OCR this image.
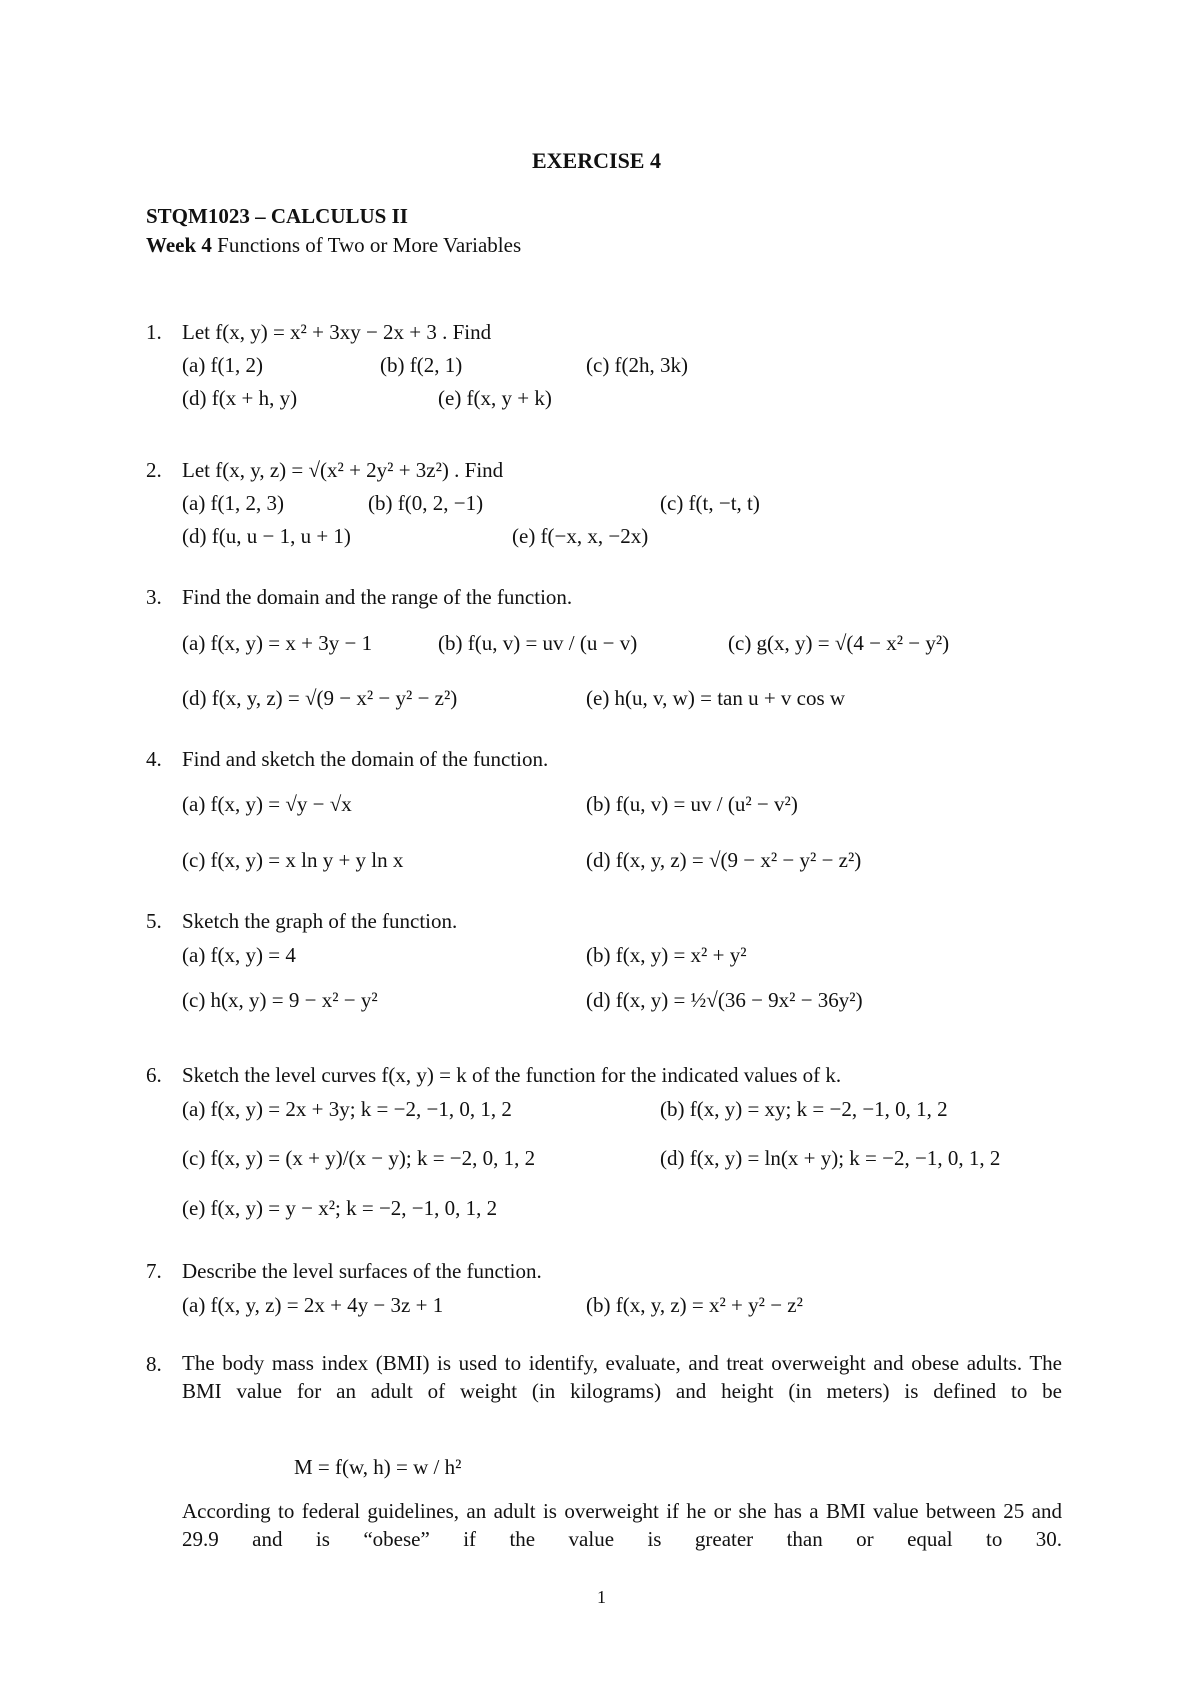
EXERCISE 4
STQM1023 – CALCULUS II
Week 4 Functions of Two or More Variables
1. Let f(x, y) = x² + 3xy − 2x + 3 . Find
(a) f(1, 2)	(b) f(2, 1)	(c) f(2h, 3k)
(d) f(x + h, y)	(e) f(x, y + k)
2. Let f(x, y, z) = √(x² + 2y² + 3z²) . Find
(a) f(1, 2, 3)	(b) f(0, 2, −1)	(c) f(t, −t, t)
(d) f(u, u − 1, u + 1)	(e) f(−x, x, −2x)
3. Find the domain and the range of the function.
(a) f(x, y) = x + 3y − 1	(b) f(u, v) = uv / (u − v)	(c) g(x, y) = √(4 − x² − y²)
(d) f(x, y, z) = √(9 − x² − y² − z²)	(e) h(u, v, w) = tan u + v cos w
4. Find and sketch the domain of the function.
(a) f(x, y) = √y − √x	(b) f(u, v) = uv / (u² − v²)
(c) f(x, y) = x ln y + y ln x	(d) f(x, y, z) = √(9 − x² − y² − z²)
5. Sketch the graph of the function.
(a) f(x, y) = 4	(b) f(x, y) = x² + y²
(c) h(x, y) = 9 − x² − y²	(d) f(x, y) = ½√(36 − 9x² − 36y²)
6. Sketch the level curves f(x, y) = k of the function for the indicated values of k.
(a) f(x, y) = 2x + 3y; k = −2, −1, 0, 1, 2	(b) f(x, y) = xy; k = −2, −1, 0, 1, 2
(c) f(x, y) = (x + y)/(x − y); k = −2, 0, 1, 2	(d) f(x, y) = ln(x + y); k = −2, −1, 0, 1, 2
(e) f(x, y) = y − x²; k = −2, −1, 0, 1, 2
7. Describe the level surfaces of the function.
(a) f(x, y, z) = 2x + 4y − 3z + 1	(b) f(x, y, z) = x² + y² − z²
8. The body mass index (BMI) is used to identify, evaluate, and treat overweight and obese adults. The BMI value for an adult of weight (in kilograms) and height (in meters) is defined to be
M = f(w, h) = w / h²
According to federal guidelines, an adult is overweight if he or she has a BMI value between 25 and 29.9 and is “obese” if the value is greater than or equal to 30.
1
